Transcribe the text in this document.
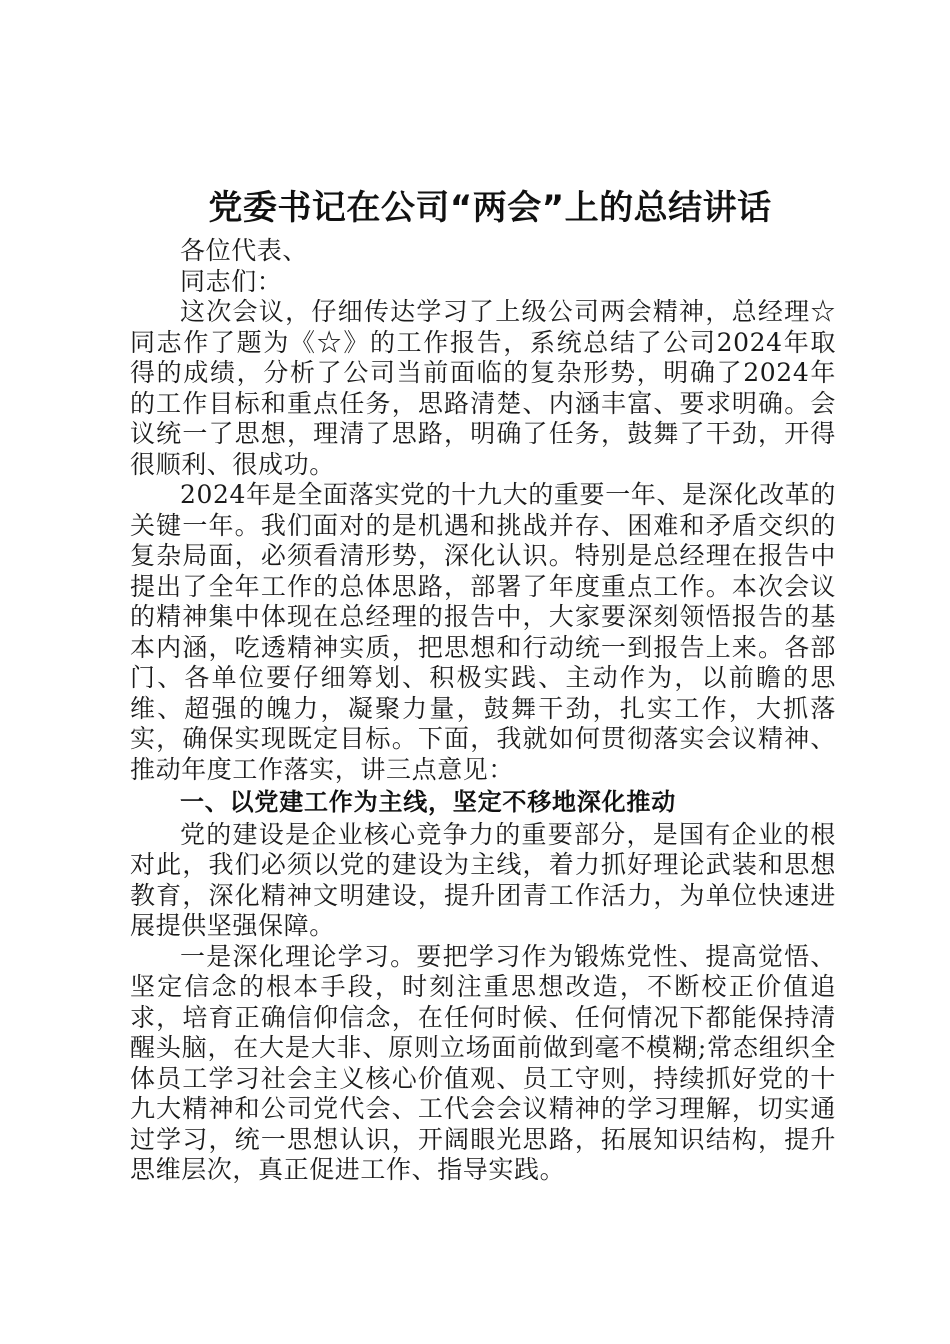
党委书记在公司“两会”上的总结讲话

各位代表、

同志们：

这次会议，仔细传达学习了上级公司两会精神，总经理☆同志作了题为《☆》的工作报告，系统总结了公司2024年取得的成绩，分析了公司当前面临的复杂形势，明确了2024年的工作目标和重点任务，思路清楚、内涵丰富、要求明确。会议统一了思想，理清了思路，明确了任务，鼓舞了干劲，开得很顺利、很成功。

2024年是全面落实党的十九大的重要一年、是深化改革的关键一年。我们面对的是机遇和挑战并存、困难和矛盾交织的复杂局面，必须看清形势，深化认识。特别是总经理在报告中提出了全年工作的总体思路，部署了年度重点工作。本次会议的精神集中体现在总经理的报告中，大家要深刻领悟报告的基本内涵，吃透精神实质，把思想和行动统一到报告上来。各部门、各单位要仔细筹划、积极实践、主动作为，以前瞻的思维、超强的魄力，凝聚力量，鼓舞干劲，扎实工作，大抓落实，确保实现既定目标。下面，我就如何贯彻落实会议精神、推动年度工作落实，讲三点意见：

一、以党建工作为主线，坚定不移地深化推动

党的建设是企业核心竞争力的重要部分，是国有企业的根对此，我们必须以党的建设为主线，着力抓好理论武装和思想教育，深化精神文明建设，提升团青工作活力，为单位快速进展提供坚强保障。

一是深化理论学习。要把学习作为锻炼党性、提高觉悟、坚定信念的根本手段，时刻注重思想改造，不断校正价值追求，培育正确信仰信念，在任何时候、任何情况下都能保持清醒头脑，在大是大非、原则立场面前做到毫不模糊;常态组织全体员工学习社会主义核心价值观、员工守则，持续抓好党的十九大精神和公司党代会、工代会会议精神的学习理解，切实通过学习，统一思想认识，开阔眼光思路，拓展知识结构，提升思维层次，真正促进工作、指导实践。
